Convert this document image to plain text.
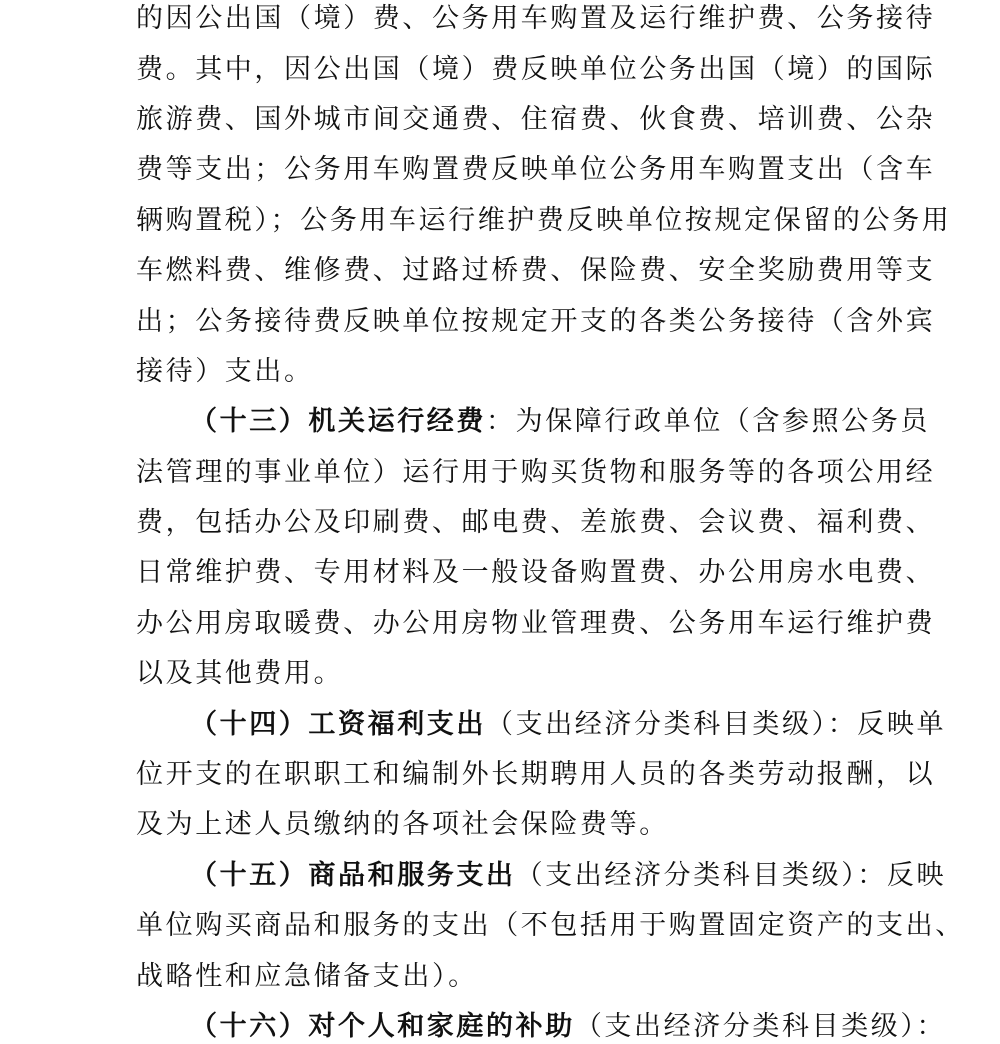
的因公出国（境）费、公务用车购置及运行维护费、公务接待
费。其中，因公出国（境）费反映单位公务出国（境）的国际
旅游费、国外城市间交通费、住宿费、伙食费、培训费、公杂
费等支出；公务用车购置费反映单位公务用车购置支出（含车
辆购置税）；公务用车运行维护费反映单位按规定保留的公务用
车燃料费、维修费、过路过桥费、保险费、安全奖励费用等支
出；公务接待费反映单位按规定开支的各类公务接待（含外宾
接待）支出。
（十三）机关运行经费：为保障行政单位（含参照公务员
法管理的事业单位）运行用于购买货物和服务等的各项公用经
费，包括办公及印刷费、邮电费、差旅费、会议费、福利费、
日常维护费、专用材料及一般设备购置费、办公用房水电费、
办公用房取暖费、办公用房物业管理费、公务用车运行维护费
以及其他费用。
（十四）工资福利支出（支出经济分类科目类级）：反映单
位开支的在职职工和编制外长期聘用人员的各类劳动报酬，以
及为上述人员缴纳的各项社会保险费等。
（十五）商品和服务支出（支出经济分类科目类级）：反映
单位购买商品和服务的支出（不包括用于购置固定资产的支出、
战略性和应急储备支出）。
（十六）对个人和家庭的补助（支出经济分类科目类级）：
